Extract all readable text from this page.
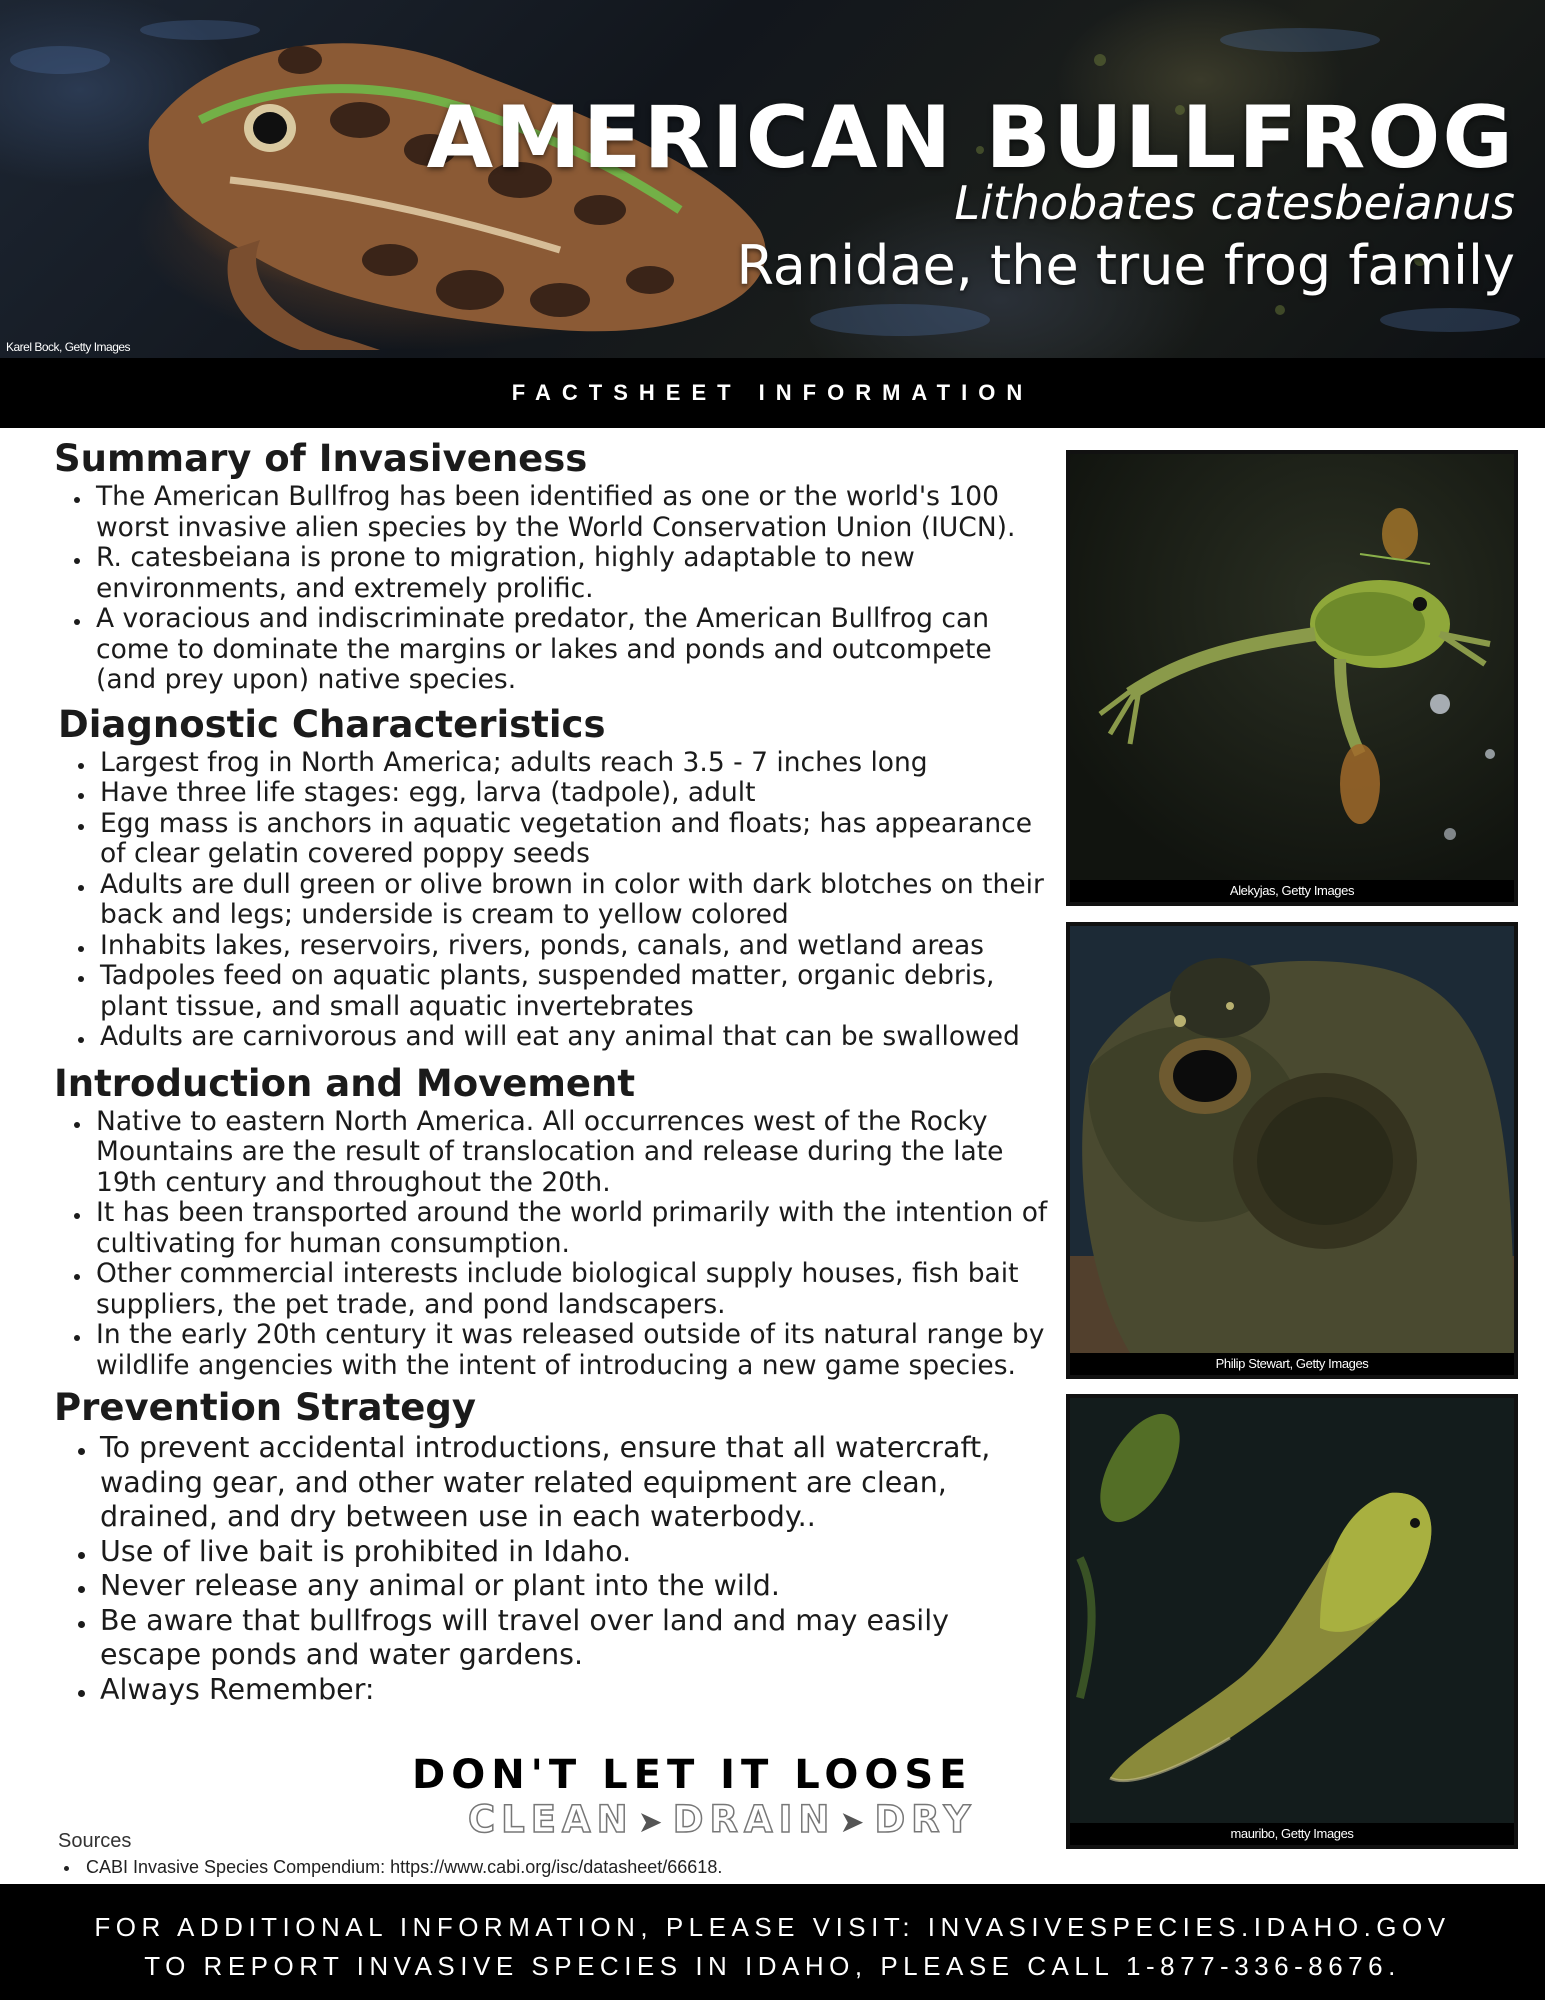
AMERICAN BULLFROG
Lithobates catesbeianus
Ranidae, the true frog family
Karel Bock, Getty Images
FACTSHEET INFORMATION
Summary of Invasiveness
The American Bullfrog has been identified as one or the world's 100 worst invasive alien species by the World Conservation Union (IUCN).
R. catesbeiana is prone to migration, highly adaptable to new environments, and extremely prolific.
A voracious and indiscriminate predator, the American Bullfrog can come to dominate the margins or lakes and ponds and outcompete (and prey upon) native species.
Diagnostic Characteristics
Largest frog in North America; adults reach 3.5 - 7 inches long
Have three life stages: egg, larva (tadpole), adult
Egg mass is anchors in aquatic vegetation and floats; has appearance of clear gelatin covered poppy seeds
Adults are dull green or olive brown in color with dark blotches on their back and legs; underside is cream to yellow colored
Inhabits lakes, reservoirs, rivers, ponds, canals, and wetland areas
Tadpoles feed on aquatic plants, suspended matter, organic debris, plant tissue, and small aquatic invertebrates
Adults are carnivorous and will eat any animal that can be swallowed
Introduction and Movement
Native to eastern North America. All occurrences west of the Rocky Mountains are the result of translocation and release during the late 19th century and throughout the 20th.
It has been transported around the world primarily with the intention of cultivating for human consumption.
Other commercial interests include biological supply houses, fish bait suppliers, the pet trade, and pond landscapers.
In the early 20th century it was released outside of its natural range by wildlife angencies with the intent of introducing a new game species.
Prevention Strategy
To prevent accidental introductions, ensure that all watercraft, wading gear, and other water related equipment are clean, drained, and dry between use in each waterbody..
Use of live bait is prohibited in Idaho.
Never release any animal or plant into the wild.
Be aware that bullfrogs will travel over land and may easily escape ponds and water gardens.
Always Remember:
DON'T LET IT LOOSE
CLEAN ➤ DRAIN ➤ DRY
Sources
CABI Invasive Species Compendium: https://www.cabi.org/isc/datasheet/66618.
Alekyjas, Getty Images
Philip Stewart, Getty Images
mauribo, Getty Images
FOR ADDITIONAL INFORMATION, PLEASE VISIT: INVASIVESPECIES.IDAHO.GOV
TO REPORT INVASIVE SPECIES IN IDAHO, PLEASE CALL 1-877-336-8676.
